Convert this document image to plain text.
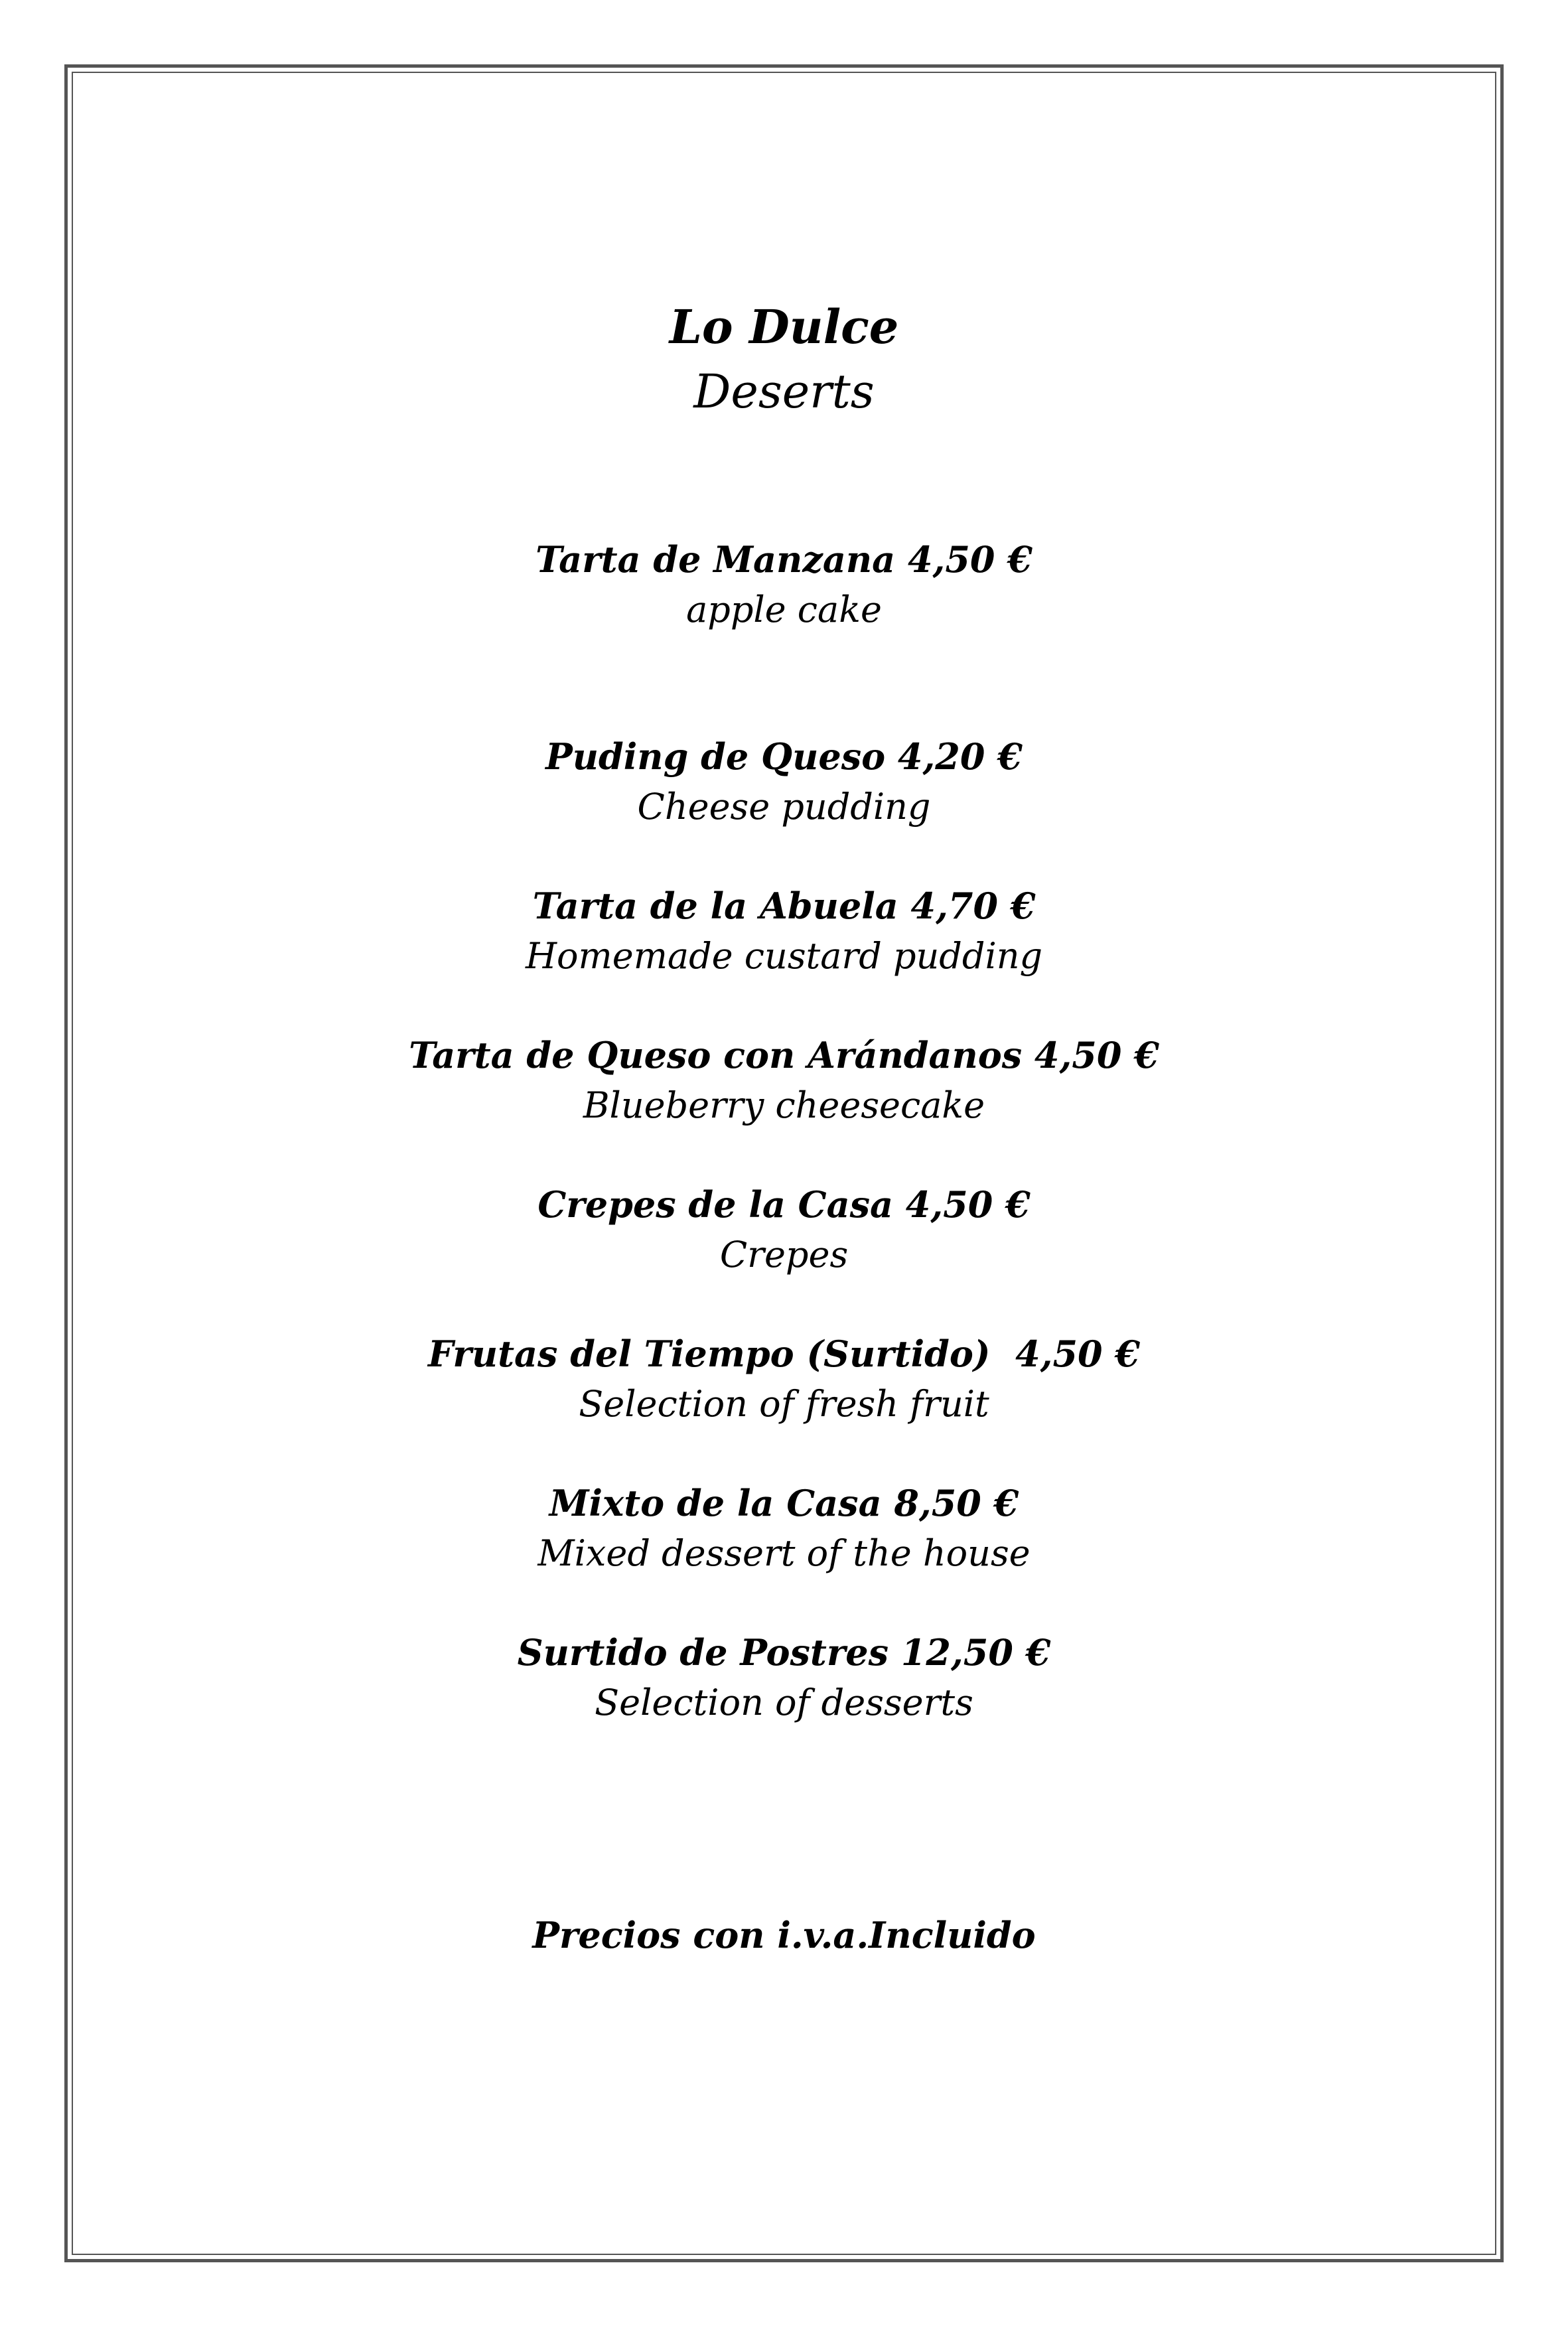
Lo Dulce
Deserts
Tarta de Manzana 4,50 €
apple cake
Puding de Queso 4,20 €
Cheese pudding
Tarta de la Abuela 4,70 €
Homemade custard pudding
Tarta de Queso con Arándanos 4,50 €
Blueberry cheesecake
Crepes de la Casa 4,50 €
Crepes
Frutas del Tiempo (Surtido)  4,50 €
Selection of fresh fruit
Mixto de la Casa 8,50 €
Mixed dessert of the house
Surtido de Postres 12,50 €
Selection of desserts
Precios con i.v.a.Incluido
